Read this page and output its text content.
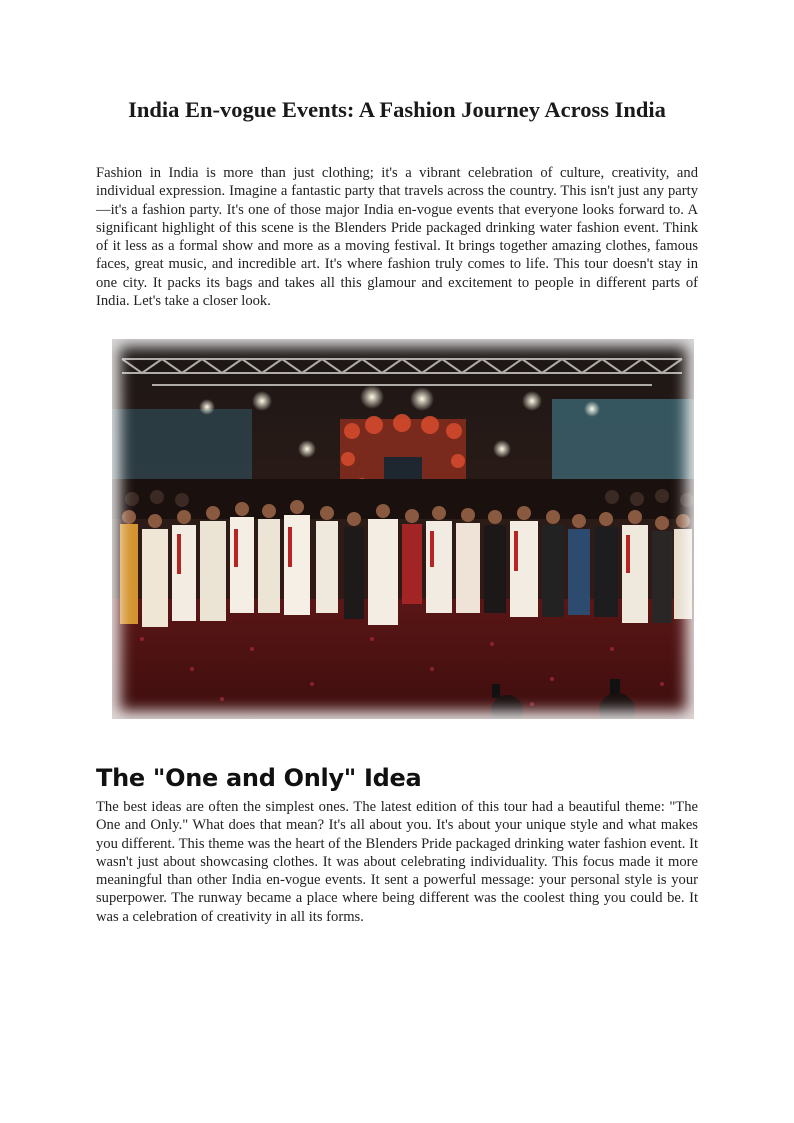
India En-vogue Events: A Fashion Journey Across India

Fashion in India is more than just clothing; it's a vibrant celebration of culture, creativity, and individual expression. Imagine a fantastic party that travels across the country. This isn't just any party—it's a fashion party. It's one of those major India en-vogue events that everyone looks forward to. A significant highlight of this scene is the Blenders Pride packaged drinking water fashion event. Think of it less as a formal show and more as a moving festival. It brings together amazing clothes, famous faces, great music, and incredible art. It's where fashion truly comes to life. This tour doesn't stay in one city. It packs its bags and takes all this glamour and excitement to people in different parts of India. Let's take a closer look.

The "One and Only" Idea

The best ideas are often the simplest ones. The latest edition of this tour had a beautiful theme: "The One and Only." What does that mean? It's all about you. It's about your unique style and what makes you different. This theme was the heart of the Blenders Pride packaged drinking water fashion event. It wasn't just about showcasing clothes. It was about celebrating individuality. This focus made it more meaningful than other India en-vogue events. It sent a powerful message: your personal style is your superpower. The runway became a place where being different was the coolest thing you could be. It was a celebration of creativity in all its forms.
